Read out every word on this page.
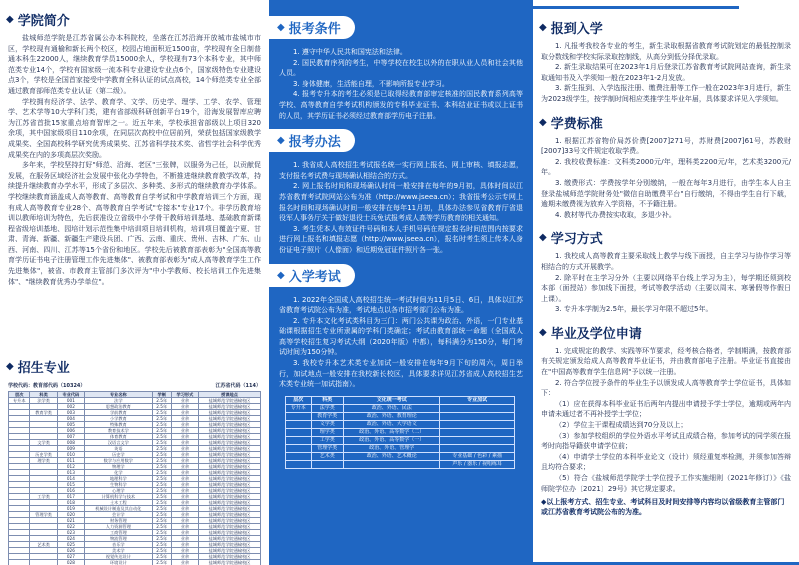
◆ 学院简介

盐城师范学院是江苏省属公办本科院校，坐落在江苏沿海开放城市盐城市市区，学校现有通榆和新长两个校区，校园占地面积近1500亩，学校现有全日制普通本科生22000人，继续教育学员15000余人，学校现有73个本科专业，其中师范类专业14个，学校有国家级一流本科专业建设专业点6个，国家级特色专业建设点3个，学校是全国首家接受中学教育全科认证的试点高校，14个师范类专业全部通过教育部师范类专业认证（第二级）。

学校拥有经济学、法学、教育学、文学、历史学、理学、工学、农学、管理学、艺术学等10大学科门类，建有省部级科研创新平台19个，沿海发展智库应聘为江苏省首批15家重点培育智库之一。近五年来，学校承担省部级以上项目320余项，其中国家级项目110余项，在同层次高校中位居前列，荣获包括国家级教学成果奖、全国高校科学研究优秀成果奖、江苏省科学技术奖、省哲学社会科学优秀成果奖在内的多项高层次奖励。

多年来，学校坚持打好"师范、沿海、老区"三张牌，以服务为己任，以贡献促发展，在服务区域经济社会发展中张化办学特色，不断推进继续教育教学改革，持续提升继续教育办学水平，形成了多层次、多种类、多形式的继续教育办学体系。学校继续教育涵盖成人高等教育、高等教育自学考试和中学教育培训三个方面，现有成人高等教育专业28个、高等教育自学考试"专接本"专业17个。非学历教育培训以教师培训为特色，先后获准设立省级中小学骨干教师培训基地、基础教育新课程省级培训基地、园培计划示范性集中培训项目培训机构，培训项目覆盖宁夏、甘肃、青海、新疆、新疆生产建设兵团、广西、云南、重庆、贵州、吉林、广东、山西、河南、四川、江苏等15个省份和地区。学校先后被教育部表彰为"全国高等教育学历证书电子注册管理工作先进集体"、被教育部表彰为"成人高等教育学生工作先进集体"，被省、市教育主管部门多次评为"中小学教师、校长培训工作先进集体"、"继续教育优秀办学单位"。

◆ 招生专业
学校代码：教育部代码（10324）	江苏省代码（114）
层次	科类	专业代码	专业名称	学制	学习形式	授课地点
专升本	法学类	001	法学	2.5年	业余	盐城师范学院通榆校区
		002	思想政治教育	2.5年	业余	盐城师范学院通榆校区
	教育学类	003	学前教育	2.5年	业余	盐城师范学院通榆校区
		004	小学教育	2.5年	业余	盐城师范学院通榆校区
		005	特殊教育	2.5年	业余	盐城师范学院通榆校区
		006	教育技术学	2.5年	业余	盐城师范学院通榆校区
		007	体育教育	2.5年	业余	盐城师范学院通榆校区
	文学类	008	汉语言文学	2.5年	业余	盐城师范学院通榆校区
		009	英语	2.5年	业余	盐城师范学院通榆校区
	历史学类	010	历史学	2.5年	业余	盐城师范学院通榆校区
	理学类	011	数学与应用数学	2.5年	业余	盐城师范学院通榆校区
		012	物理学	2.5年	业余	盐城师范学院通榆校区
		013	化学	2.5年	业余	盐城师范学院通榆校区
		014	地理科学	2.5年	业余	盐城师范学院通榆校区
		015	生物科学	2.5年	业余	盐城师范学院通榆校区
		016	心理学	2.5年	业余	盐城师范学院通榆校区
	工学类	017	计算机科学与技术	2.5年	业余	盐城师范学院通榆校区
		018	土木工程	2.5年	业余	盐城师范学院通榆校区
		019	机械设计制造及其自动化	2.5年	业余	盐城师范学院通榆校区
	管理学类	020	会计学	2.5年	业余	盐城师范学院通榆校区
		021	财务管理	2.5年	业余	盐城师范学院通榆校区
		022	人力资源管理	2.5年	业余	盐城师范学院通榆校区
		023	工商管理	2.5年	业余	盐城师范学院通榆校区
		024	物流管理	2.5年	业余	盐城师范学院通榆校区
	艺术类	025	音乐学	2.5年	业余	盐城师范学院通榆校区
		026	美术学	2.5年	业余	盐城师范学院通榆校区
		027	视觉传达设计	2.5年	业余	盐城师范学院通榆校区
		028	环境设计	2.5年	业余	盐城师范学院通榆校区
◆ 报考条件

1. 遵守中华人民共和国宪法和法律。

2. 国民教育序列的考生，中等学校在校生以外的在职从业人员和社会其他人员。

3. 身体健康，生活能自理，不影响所报专业学习。

4. 报考专升本的考生必须是已取得经教育部审定核准的国民教育系列高等学校、高等教育自学考试机构颁发的专科毕业证书、本科结业证书或以上证书的人员，其学历证书必须经过教育部学历电子注册。

◆ 报考办法

1. 我省成人高校招生考试报名统一实行网上报名、网上审核、填报志愿，支付报名考试费与现场确认相结合的方式。

2. 网上报名时间和现场确认时间一般安排在每年的9月初，具体时间以江苏省教育考试院网站公布为准（http://www.jseea.cn）；我省报考公示专网上报名时间和现场确认时间一般安排在每年11月初，具体办法参见省教育厅省退役军人事务厅关于做好退役士兵免试报考成人高等学历教育的相关通知。

3. 考生凭本人有效证件号码和本人手机号码在规定报名时间范围内按要求进行网上报名和填报志愿（http://www.jseea.cn），报名时考生须上传本人身份证电子照片（人像面）和近期免冠证件照片各一张。

◆ 入学考试

1. 2022年全国成人高校招生统一考试时间为11月5日、6日，具体以江苏省教育考试院公布为准，考试地点以各市招考部门公布为准。

2. 专升本文化考试类科目为三门：两门公共课为政治、外语，一门专业基础课根据招生专业所隶属的学科门类确定；考试由教育部统一命题（全国成人高等学校招生复习考试大纲（2020年版）中都），每科满分为150分，每门考试时间为150分钟。

3. 我校专升本艺术类专业加试一般安排在每年9月下旬的周六，周日举行，加试地点一般安排在我校新长校区，具体要求详见江苏省成人高校招生艺术类专业统一加试指南）。

层次	科类	文化统一考试	专业加试
专升本	法学类	政治、外语、民法	
	教育学类	政治、外语、教育理论	
	文学类	政治、外语、大学语文	
	理学类	政治、外语、高等数学（二）	
	工学类	政治、外语、高等数学（一）	
	管理学类	政治、外语、管理学	
	艺术类	政治、外语、艺术概论	专业基础 / 色彩 / 素描
			声乐 / 器乐 / 视唱练耳
◆ 报到入学

1. 凡报考我校各专业的考生，新生录取根据省教育考试院划定的最低控制录取分数线和学校实际录取控制线，从高分到低分择优录取。

2. 新生录取结果可在2023年1月后登录江苏省教育考试院网站查询，新生录取通知书及入学须知一般在2023年1-2月发放。

3. 新生报到、入学选报注册、缴费注册等工作一般在2023年3月进行，新生为2023级学生，按学制时间相应类推学生毕业年届，具体要求详见入学须知。

◆ 学费标准

1. 根据江苏省物价局苏价费[2007]271号，苏财费[2007]61号，苏教财[2007]33号文件规定收取学费。

2. 我校收费标准：文科类2000元/年，理科类2200元/年，艺术类3200元/年。

3. 缴费形式：学费按学年分别缴纳，一般在每年3月进行，由学生本人自主登录盐城师范学院财务处"微信自助缴费平台"自行缴纳，不得由学生自行下载，逾期未缴费视为放弃入学资格，不予籍注册。

4. 教材等代办费按实收取，多退少补。

◆ 学习方式

1. 我校成人高等教育主要采取线上教学与线下面授，自主学习与协作学习等相结合的方式开展教学。

2. 除平时在主学习分外（主要以网络平台线上学习为主），每学期还须到校本部（面授站）参加线下面授，考试等教学活动（主要以周末、寒暑假等作假日上课）。

3. 专升本学制为2.5年，最长学习年限不超过5年。

◆ 毕业及学位申请

1. 完成规定的教学、实践等环节要求，经考核合格者，学制期满，按教育部有关规定颁发给成人高等教育毕业证书，并由教育部电子注册。毕业证书直接由在"中国高等教育学生信息网"予以统一注册。

2. 符合学位授予条件的毕业生予以颁发成人高等教育学士学位证书，具体如下：

（1）应在获得本科毕业证书后两年内提出申请授予学士学位，逾期或两年内申请未通过者不再补授学士学位；

（2）学位主干课程成绩达到70分及以上；

（3）参加学校组织的学位外语水平考试且成绩合格，参加考试的同学须在报考时向指导籍获申请学位前；

（4）申请学士学位的本科毕业论文（设计）须经重复率检测，并须参加答辩且均符合要求；

（5）符合《盐城师范学院学士学位授予工作实施细则（2021年修订）》《盐师院学位办〔2021〕29号》其它规定要求。

◆以上报考方式、招生专业、考试科目及时间安排等内容均以省级教育主管部门或江苏省教育考试院公布的为准。
